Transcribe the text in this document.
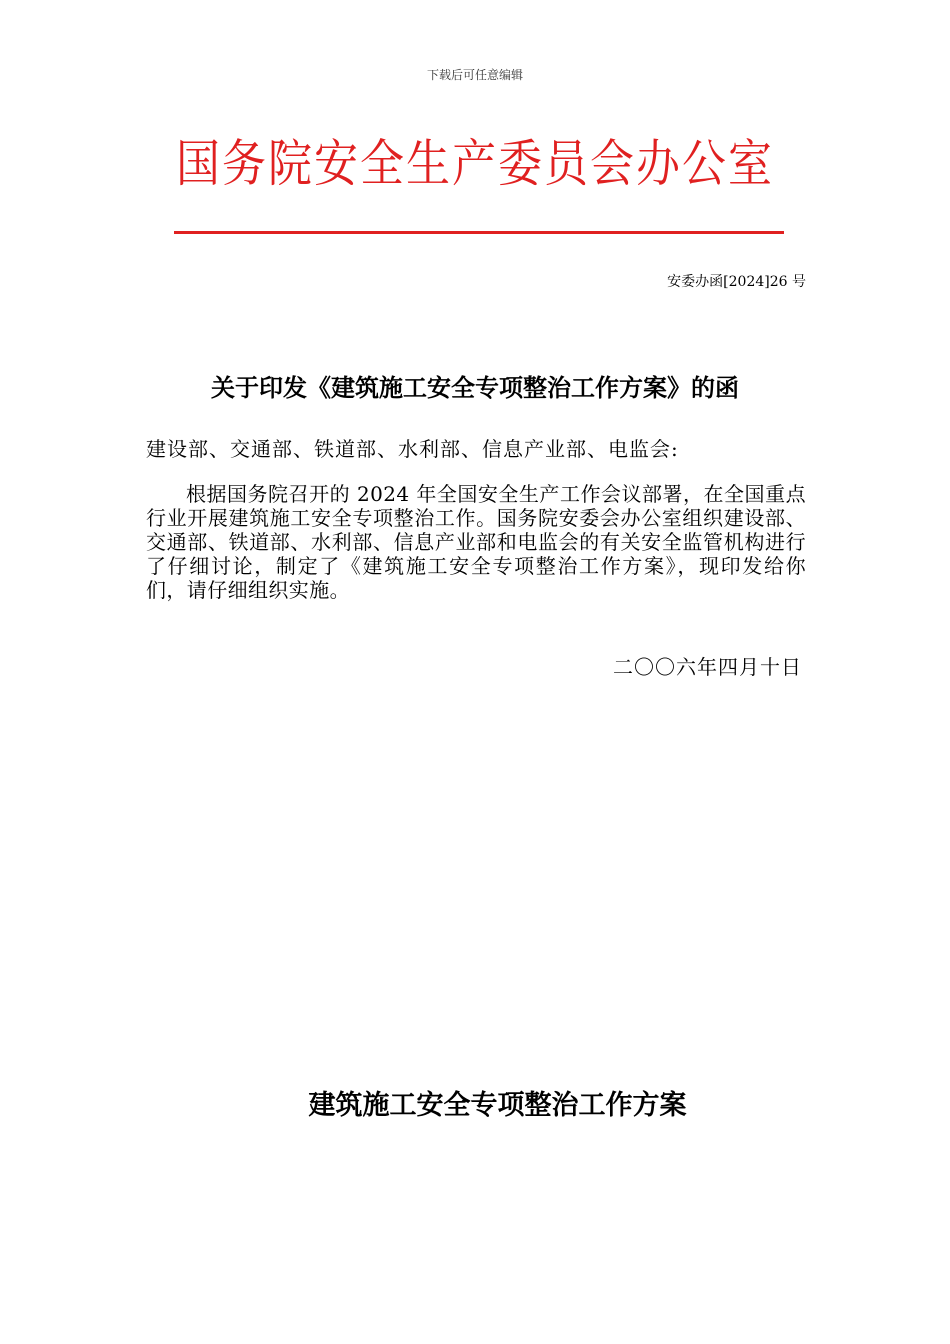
下载后可任意编辑
国务院安全生产委员会办公室
安委办函[2024]26 号
关于印发《建筑施工安全专项整治工作方案》的函
建设部、交通部、铁道部、水利部、信息产业部、电监会:
根据国务院召开的 2024 年全国安全生产工作会议部署，在全国重点行业开展建筑施工安全专项整治工作。国务院安委会办公室组织建设部、交通部、铁道部、水利部、信息产业部和电监会的有关安全监管机构进行了仔细讨论，制定了《建筑施工安全专项整治工作方案》，现印发给你们，请仔细组织实施。
二〇〇六年四月十日
建筑施工安全专项整治工作方案
